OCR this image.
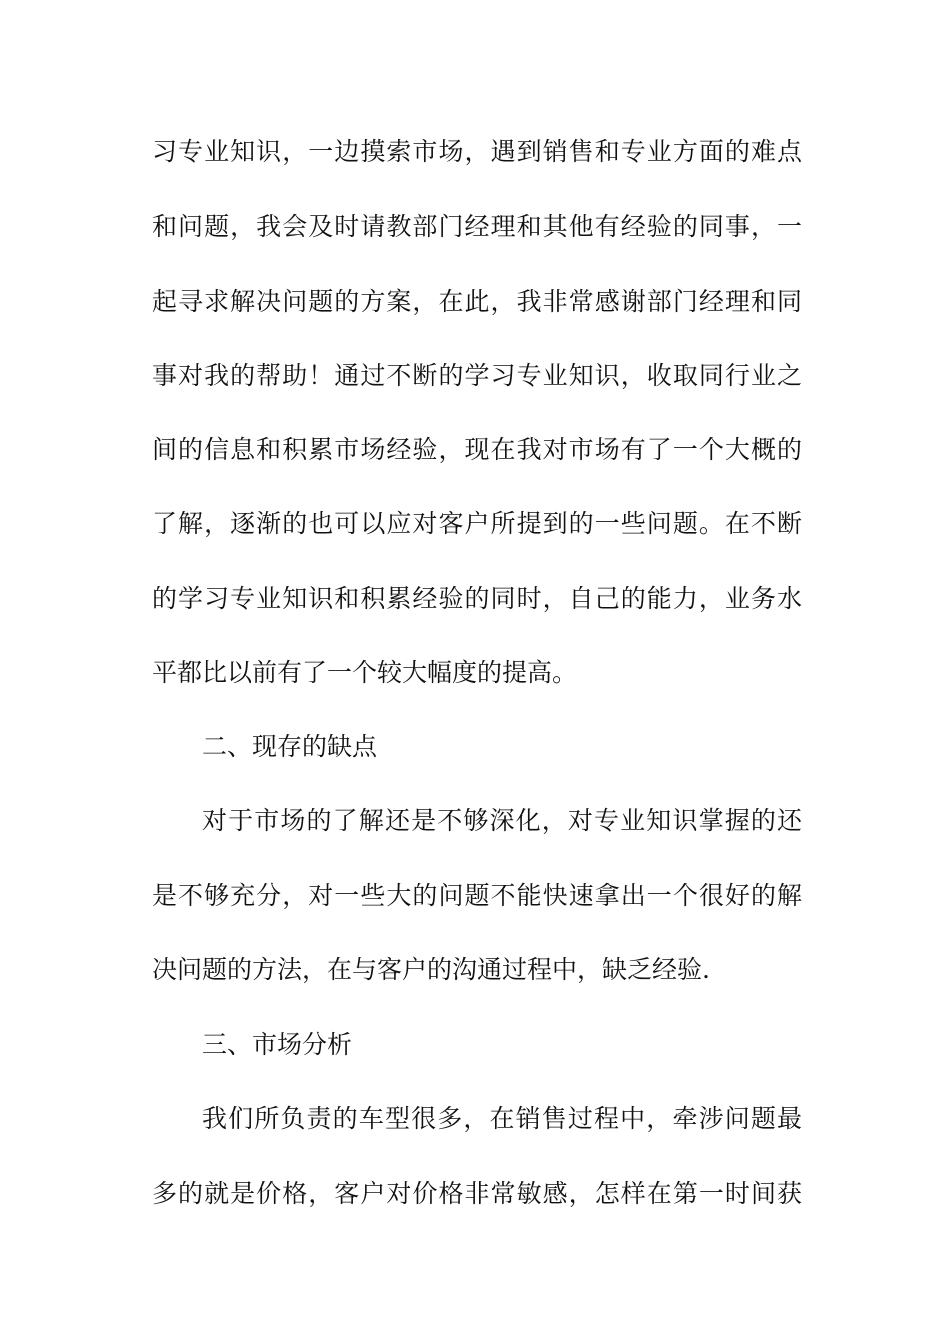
习专业知识，一边摸索市场，遇到销售和专业方面的难点
和问题，我会及时请教部门经理和其他有经验的同事，一
起寻求解决问题的方案，在此，我非常感谢部门经理和同
事对我的帮助！通过不断的学习专业知识，收取同行业之
间的信息和积累市场经验，现在我对市场有了一个大概的
了解，逐渐的也可以应对客户所提到的一些问题。在不断
的学习专业知识和积累经验的同时，自己的能力，业务水
平都比以前有了一个较大幅度的提高。
二、现存的缺点
对于市场的了解还是不够深化，对专业知识掌握的还
是不够充分，对一些大的问题不能快速拿出一个很好的解
决问题的方法，在与客户的沟通过程中，缺乏经验.
三、市场分析
我们所负责的车型很多，在销售过程中，牵涉问题最
多的就是价格，客户对价格非常敏感，怎样在第一时间获
